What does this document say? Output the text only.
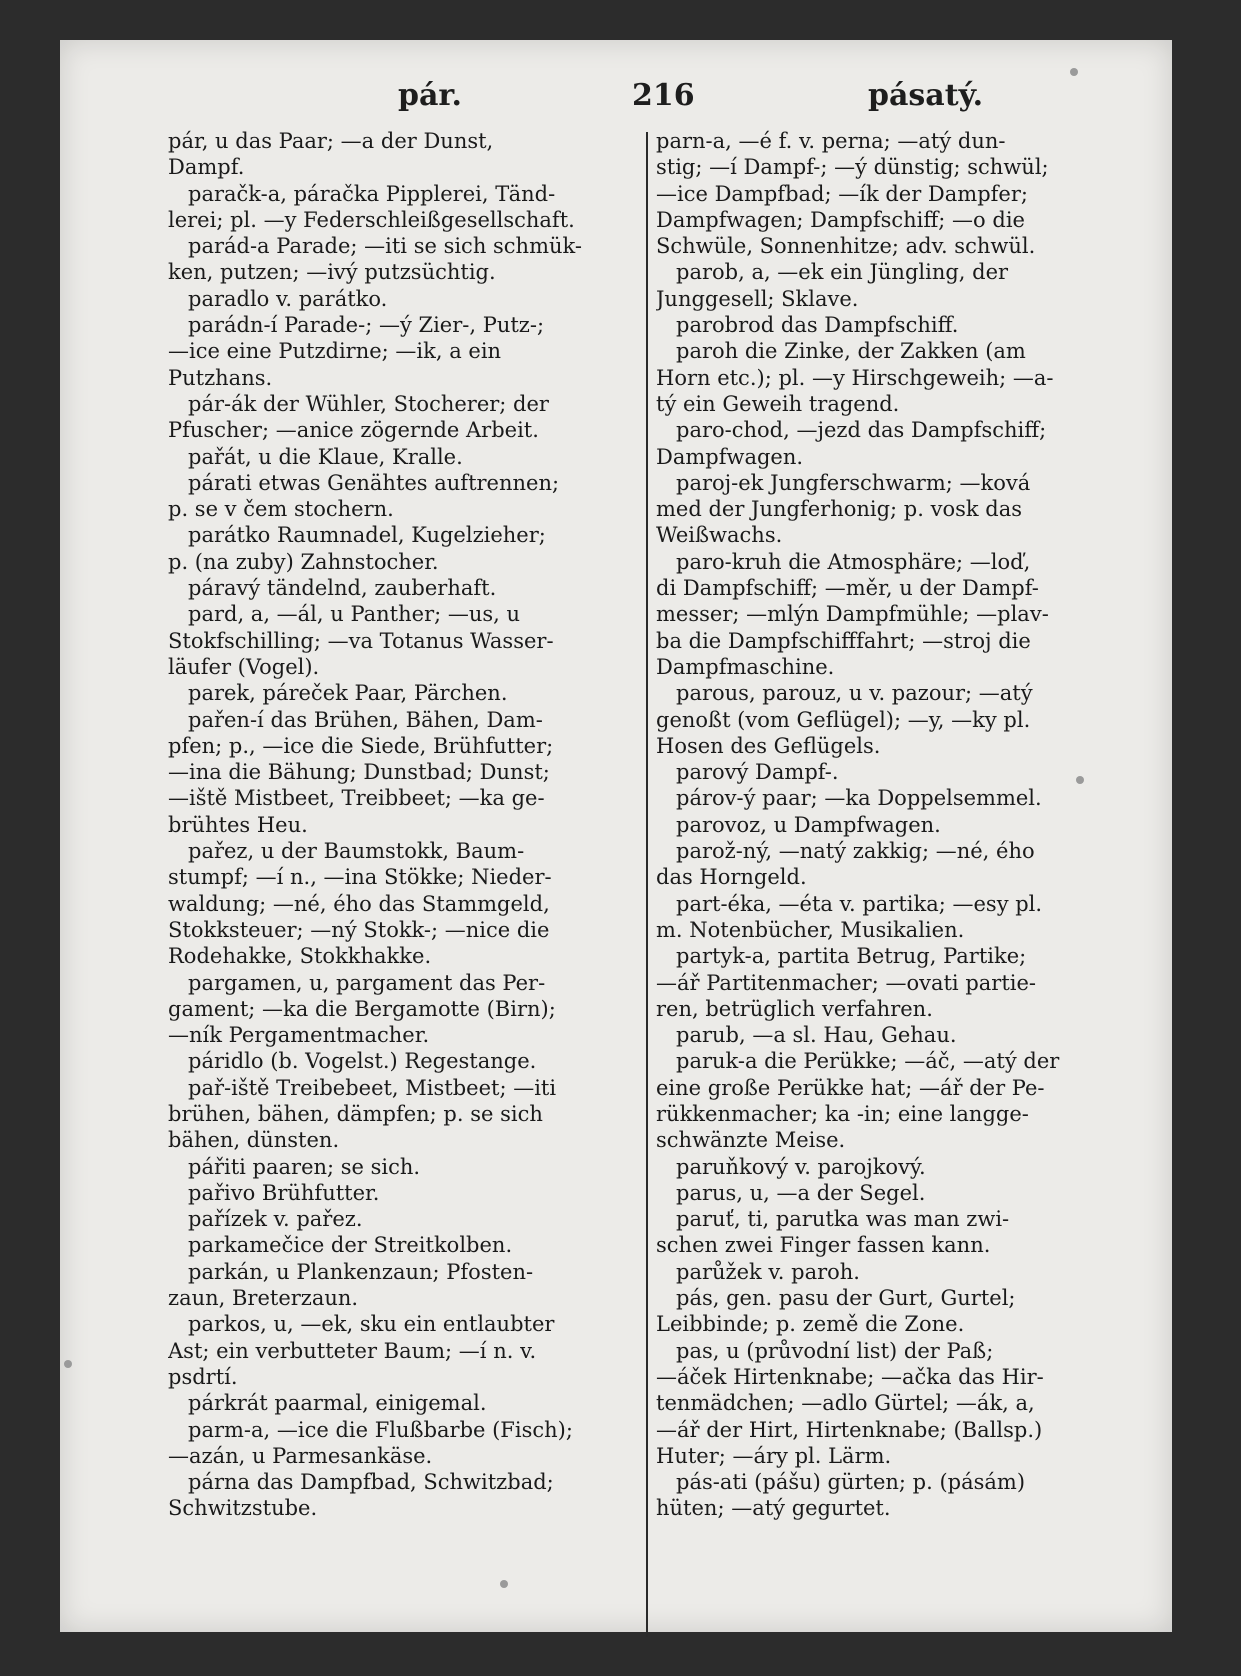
pár.	216	pásatý.
pár, u das Paar; —a der Dunst,
Dampf.
paračk-a, páračka Pipplerei, Tänd-
lerei; pl. —y Federschleißgesellschaft.
parád-a Parade; —iti se sich schmük-
ken, putzen; —ivý putzsüchtig.
paradlo v. parátko.
parádn-í Parade-; —ý Zier-, Putz-;
—ice eine Putzdirne; —ik, a ein
Putzhans.
pár-ák der Wühler, Stocherer; der
Pfuscher; —anice zögernde Arbeit.
pařát, u die Klaue, Kralle.
párati etwas Genähtes auftrennen;
p. se v čem stochern.
parátko Raumnadel, Kugelzieher;
p. (na zuby) Zahnstocher.
páravý tändelnd, zauberhaft.
pard, a, —ál, u Panther; —us, u
Stokfschilling; —va Totanus Wasser-
läufer (Vogel).
parek, páreček Paar, Pärchen.
pařen-í das Brühen, Bähen, Dam-
pfen; p., —ice die Siede, Brühfutter;
—ina die Bähung; Dunstbad; Dunst;
—iště Mistbeet, Treibbeet; —ka ge-
brühtes Heu.
pařez, u der Baumstokk, Baum-
stumpf; —í n., —ina Stökke; Nieder-
waldung; —né, ého das Stammgeld,
Stokksteuer; —ný Stokk-; —nice die
Rodehakke, Stokkhakke.
pargamen, u, pargament das Per-
gament; —ka die Bergamotte (Birn);
—ník Pergamentmacher.
páridlo (b. Vogelst.) Regestange.
pař-iště Treibebeet, Mistbeet; —iti
brühen, bähen, dämpfen; p. se sich
bähen, dünsten.
pářiti paaren; se sich.
pařivo Brühfutter.
pařízek v. pařez.
parkamečice der Streitkolben.
parkán, u Plankenzaun; Pfosten-
zaun, Breterzaun.
parkos, u, —ek, sku ein entlaubter
Ast; ein verbutteter Baum; —í n. v.
psdrtí.
párkrát paarmal, einigemal.
parm-a, —ice die Flußbarbe (Fisch);
—azán, u Parmesankäse.
párna das Dampfbad, Schwitzbad;
Schwitzstube.
parn-a, —é f. v. perna; —atý dun-
stig; —í Dampf-; —ý dünstig; schwül;
—ice Dampfbad; —ík der Dampfer;
Dampfwagen; Dampfschiff; —o die
Schwüle, Sonnenhitze; adv. schwül.
parob, a, —ek ein Jüngling, der
Junggesell; Sklave.
parobrod das Dampfschiff.
paroh die Zinke, der Zakken (am
Horn etc.); pl. —y Hirschgeweih; —a-
tý ein Geweih tragend.
paro-chod, —jezd das Dampfschiff;
Dampfwagen.
paroj-ek Jungferschwarm; —ková
med der Jungferhonig; p. vosk das
Weißwachs.
paro-kruh die Atmosphäre; —loď,
di Dampfschiff; —měr, u der Dampf-
messer; —mlýn Dampfmühle; —plav-
ba die Dampfschifffahrt; —stroj die
Dampfmaschine.
parous, parouz, u v. pazour; —atý
genoßt (vom Geflügel); —y, —ky pl.
Hosen des Geflügels.
parový Dampf-.
párov-ý paar; —ka Doppelsemmel.
parovoz, u Dampfwagen.
parož-ný, —natý zakkig; —né, ého
das Horngeld.
part-éka, —éta v. partika; —esy pl.
m. Notenbücher, Musikalien.
partyk-a, partita Betrug, Partike;
—ář Partitenmacher; —ovati partie-
ren, betrüglich verfahren.
parub, —a sl. Hau, Gehau.
paruk-a die Perükke; —áč, —atý der
eine große Perükke hat; —ář der Pe-
rükkenmacher; ka -in; eine langge-
schwänzte Meise.
paruňkový v. parojkový.
parus, u, —a der Segel.
paruť, ti, parutka was man zwi-
schen zwei Finger fassen kann.
parůžek v. paroh.
pás, gen. pasu der Gurt, Gurtel;
Leibbinde; p. země die Zone.
pas, u (průvodní list) der Paß;
—áček Hirtenknabe; —ačka das Hir-
tenmädchen; —adlo Gürtel; —ák, a,
—ář der Hirt, Hirtenknabe; (Ballsp.)
Huter; —áry pl. Lärm.
pás-ati (pášu) gürten; p. (pásám)
hüten; —atý gegurtet.
